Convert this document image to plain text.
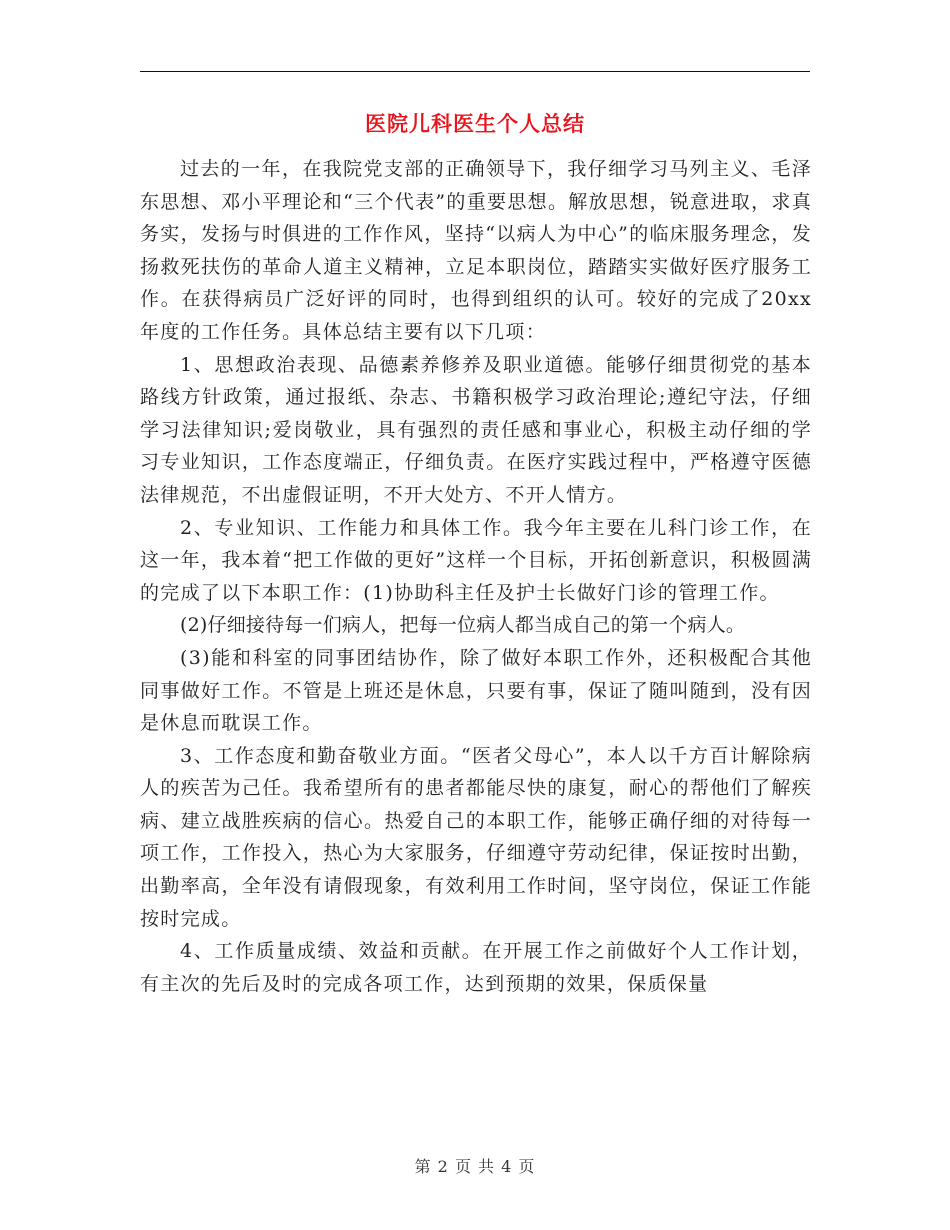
医院儿科医生个人总结

过去的一年，在我院党支部的正确领导下，我仔细学习马列主义、毛泽东思想、邓小平理论和“三个代表”的重要思想。解放思想，锐意进取，求真务实，发扬与时俱进的工作作风，坚持“以病人为中心”的临床服务理念，发扬救死扶伤的革命人道主义精神，立足本职岗位，踏踏实实做好医疗服务工作。在获得病员广泛好评的同时，也得到组织的认可。较好的完成了20xx年度的工作任务。具体总结主要有以下几项：

1、思想政治表现、品德素养修养及职业道德。能够仔细贯彻党的基本路线方针政策，通过报纸、杂志、书籍积极学习政治理论;遵纪守法，仔细学习法律知识;爱岗敬业，具有强烈的责任感和事业心，积极主动仔细的学习专业知识，工作态度端正，仔细负责。在医疗实践过程中，严格遵守医德法律规范，不出虚假证明，不开大处方、不开人情方。

2、专业知识、工作能力和具体工作。我今年主要在儿科门诊工作，在这一年，我本着“把工作做的更好”这样一个目标，开拓创新意识，积极圆满的完成了以下本职工作：(1)协助科主任及护士长做好门诊的管理工作。

(2)仔细接待每一们病人，把每一位病人都当成自己的第一个病人。

(3)能和科室的同事团结协作，除了做好本职工作外，还积极配合其他同事做好工作。不管是上班还是休息，只要有事，保证了随叫随到，没有因是休息而耽误工作。

3、工作态度和勤奋敬业方面。“医者父母心”，本人以千方百计解除病人的疾苦为己任。我希望所有的患者都能尽快的康复，耐心的帮他们了解疾病、建立战胜疾病的信心。热爱自己的本职工作，能够正确仔细的对待每一项工作，工作投入，热心为大家服务，仔细遵守劳动纪律，保证按时出勤，出勤率高，全年没有请假现象，有效利用工作时间，坚守岗位，保证工作能按时完成。

4、工作质量成绩、效益和贡献。在开展工作之前做好个人工作计划，有主次的先后及时的完成各项工作，达到预期的效果，保质保量

第 2 页 共 4 页
